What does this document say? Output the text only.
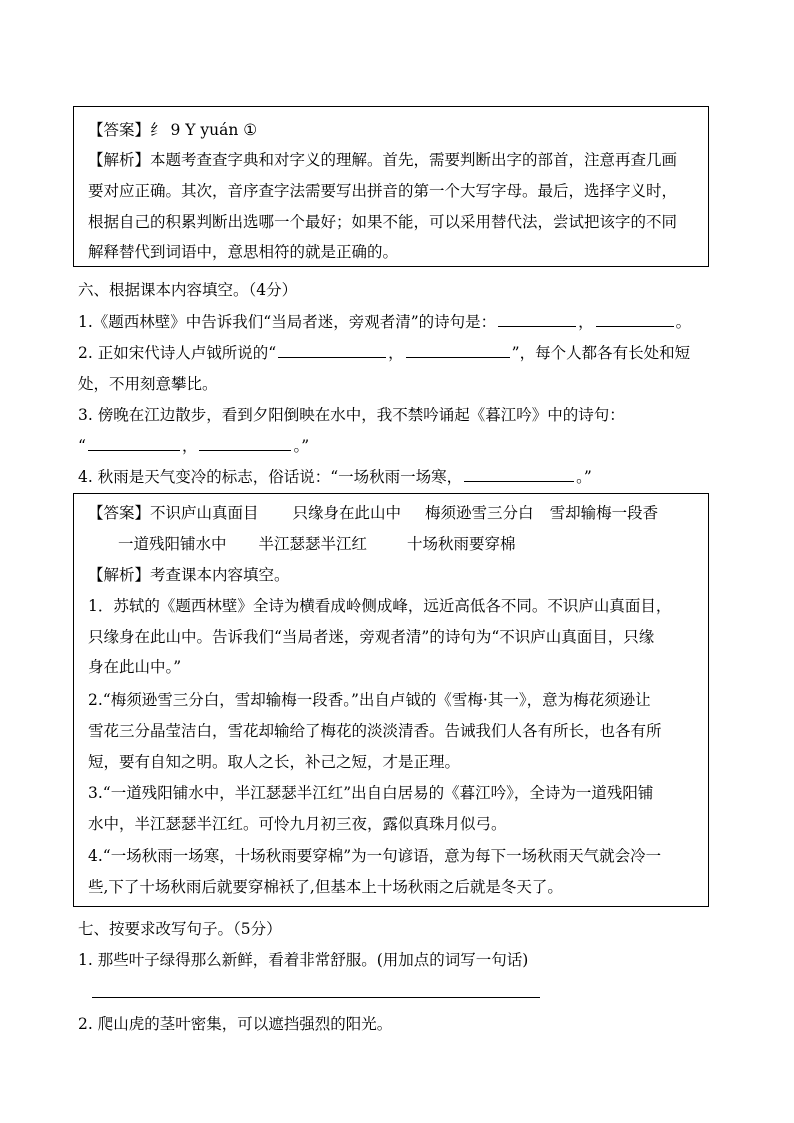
【答案】纟 9 Y yuán ①
【解析】本题考查查字典和对字义的理解。首先，需要判断出字的部首，注意再查几画
要对应正确。其次，音序查字法需要写出拼音的第一个大写字母。最后，选择字义时，
根据自己的积累判断出选哪一个最好；如果不能，可以采用替代法，尝试把该字的不同
解释替代到词语中，意思相符的就是正确的。
六、根据课本内容填空。（4分）
1.《题西林壁》中告诉我们“当局者迷，旁观者清”的诗句是：	，	。
2. 正如宋代诗人卢钺所说的“	，	”，每个人都各有长处和短
处，不用刻意攀比。
3. 傍晚在江边散步，看到夕阳倒映在水中，我不禁吟诵起《暮江吟》中的诗句：
“	，	。”
4. 秋雨是天气变冷的标志，俗话说：“一场秋雨一场寒，	。”
【答案】不识庐山真面目 只缘身在此山中 梅须逊雪三分白 雪却输梅一段香
一道残阳铺水中 半江瑟瑟半江红	十场秋雨要穿棉
【解析】考查课本内容填空。
1．苏轼的《题西林壁》全诗为横看成岭侧成峰，远近高低各不同。不识庐山真面目，
只缘身在此山中。告诉我们“当局者迷，旁观者清”的诗句为“不识庐山真面目，只缘
身在此山中。”
2.“梅须逊雪三分白，雪却输梅一段香。”出自卢钺的《雪梅·其一》，意为梅花须逊让
雪花三分晶莹洁白，雪花却输给了梅花的淡淡清香。告诫我们人各有所长，也各有所
短，要有自知之明。取人之长，补己之短，才是正理。
3.“一道残阳铺水中，半江瑟瑟半江红”出自白居易的《暮江吟》，全诗为一道残阳铺
水中，半江瑟瑟半江红。可怜九月初三夜，露似真珠月似弓。
4.“一场秋雨一场寒，十场秋雨要穿棉”为一句谚语，意为每下一场秋雨天气就会冷一
些,下了十场秋雨后就要穿棉袄了,但基本上十场秋雨之后就是冬天了。
七、按要求改写句子。（5分）
1. 那些叶子绿得那么新鲜，看着非常舒服。(用加点的词写一句话)
2. 爬山虎的茎叶密集，可以遮挡强烈的阳光。
